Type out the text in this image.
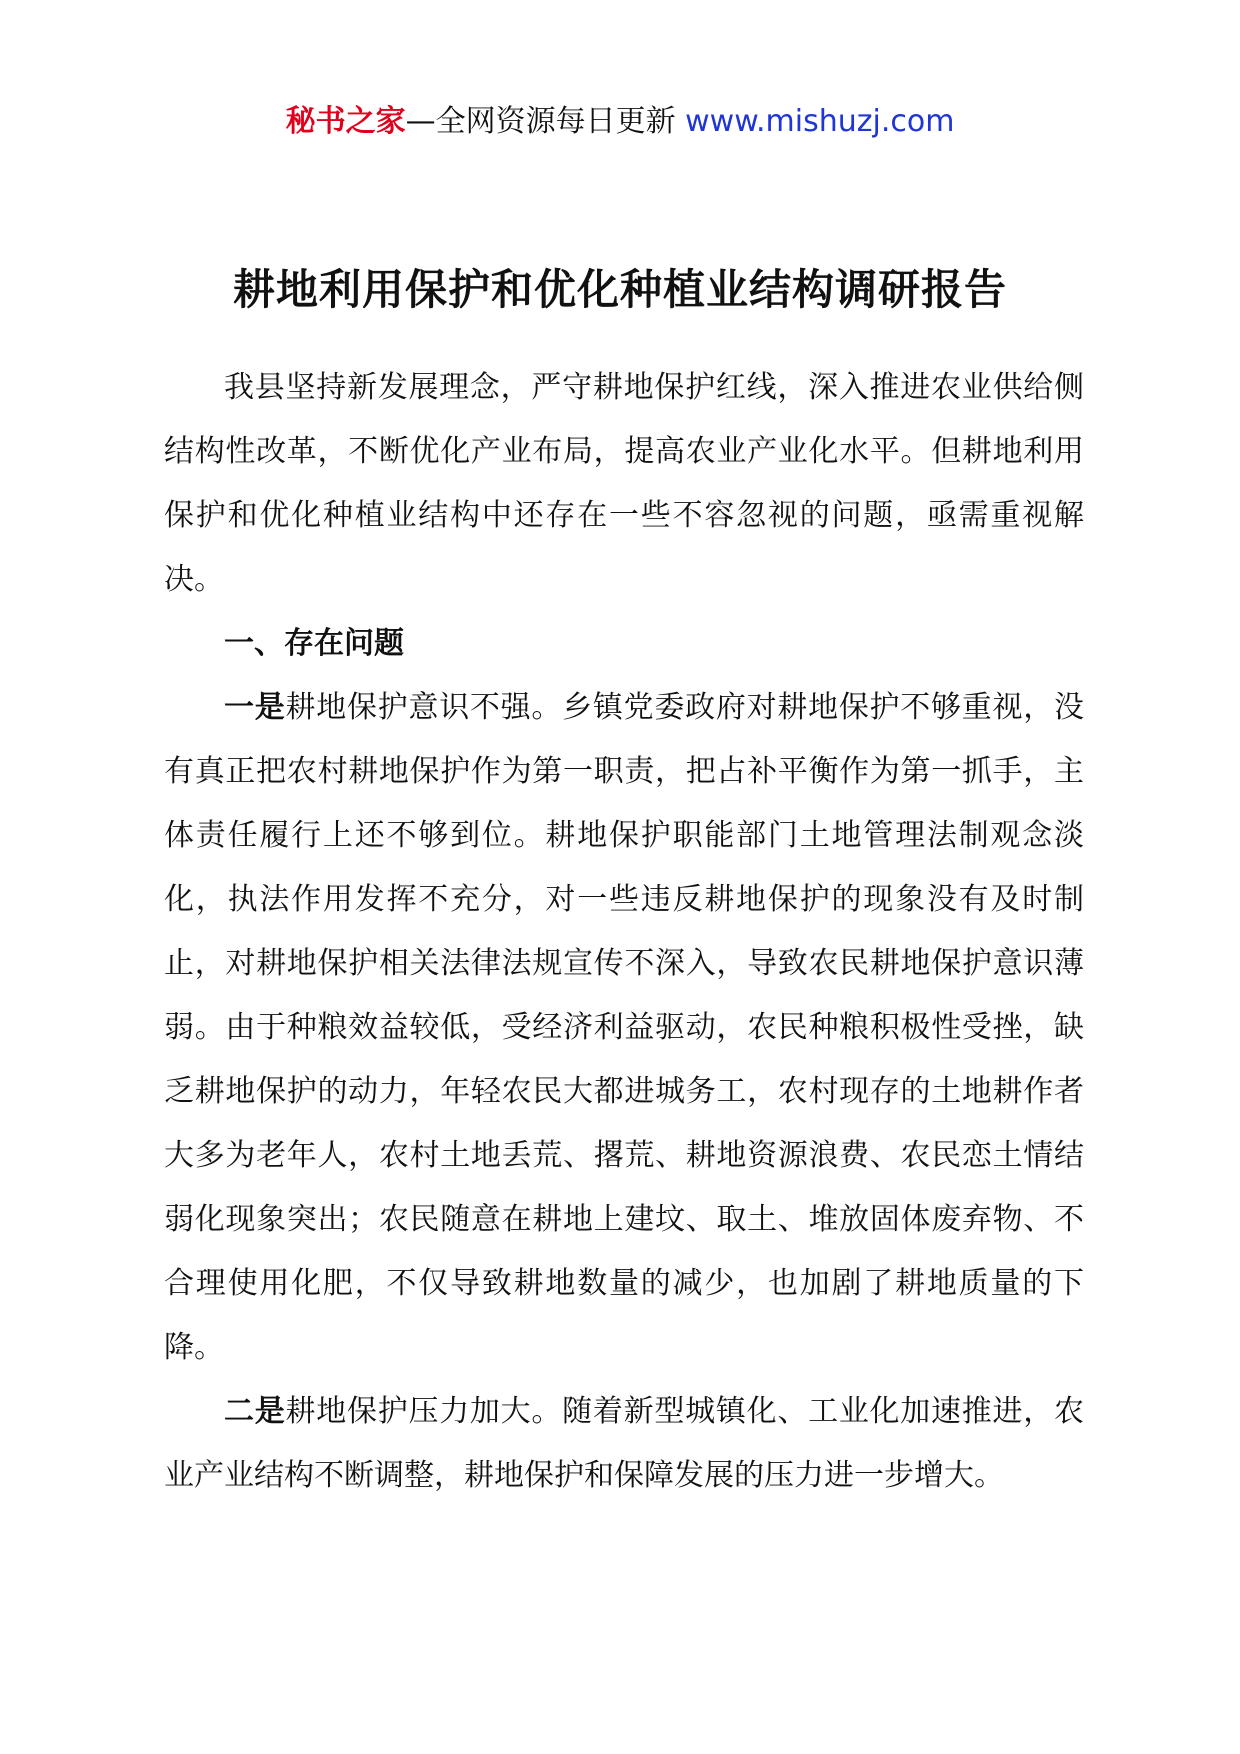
秘书之家—全网资源每日更新 www.mishuzj.com
耕地利用保护和优化种植业结构调研报告

我县坚持新发展理念，严守耕地保护红线，深入推进农业供给侧结构性改革，不断优化产业布局，提高农业产业化水平。但耕地利用保护和优化种植业结构中还存在一些不容忽视的问题，亟需重视解决。

一、存在问题

一是耕地保护意识不强。乡镇党委政府对耕地保护不够重视，没有真正把农村耕地保护作为第一职责，把占补平衡作为第一抓手，主体责任履行上还不够到位。耕地保护职能部门土地管理法制观念淡化，执法作用发挥不充分，对一些违反耕地保护的现象没有及时制止，对耕地保护相关法律法规宣传不深入，导致农民耕地保护意识薄弱。由于种粮效益较低，受经济利益驱动，农民种粮积极性受挫，缺乏耕地保护的动力，年轻农民大都进城务工，农村现存的土地耕作者大多为老年人，农村土地丢荒、撂荒、耕地资源浪费、农民恋土情结弱化现象突出；农民随意在耕地上建坟、取土、堆放固体废弃物、不合理使用化肥，不仅导致耕地数量的减少，也加剧了耕地质量的下降。

二是耕地保护压力加大。随着新型城镇化、工业化加速推进，农业产业结构不断调整，耕地保护和保障发展的压力进一步增大。
